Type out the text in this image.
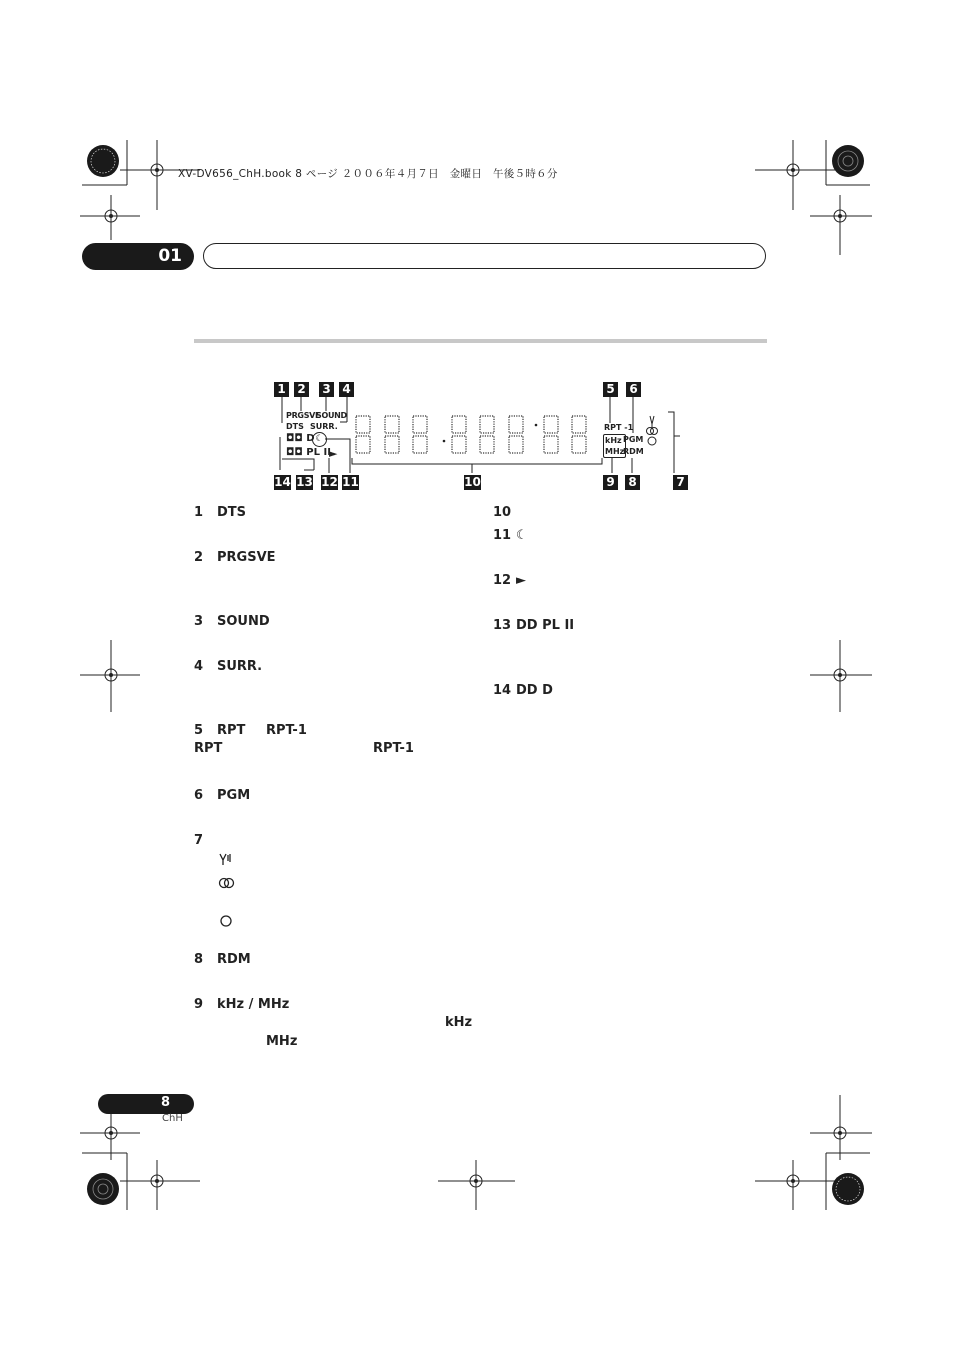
XV-DV656_ChH.book 8 ページ ２００６年４月７日　金曜日　午後５時６分
01
1 2 3 4	5 6
14 13 12 11	10	9 8	7
PRGSVE
SOUND
DTS SURR.
◘◘ D
◘◘ PL II
►
☾
RPT -1
kHz
MHz
PGM
RDM
1 DTS
2 PRGSVE
3 SOUND
4 SURR.
5 RPT RPT-1
RPT	RPT-1
6 PGM
7
8 RDM
9 kHz / MHz
kHz
MHz
10
11 ☾
12 ►
13 DD PL II
14 DD D
8
ChH
